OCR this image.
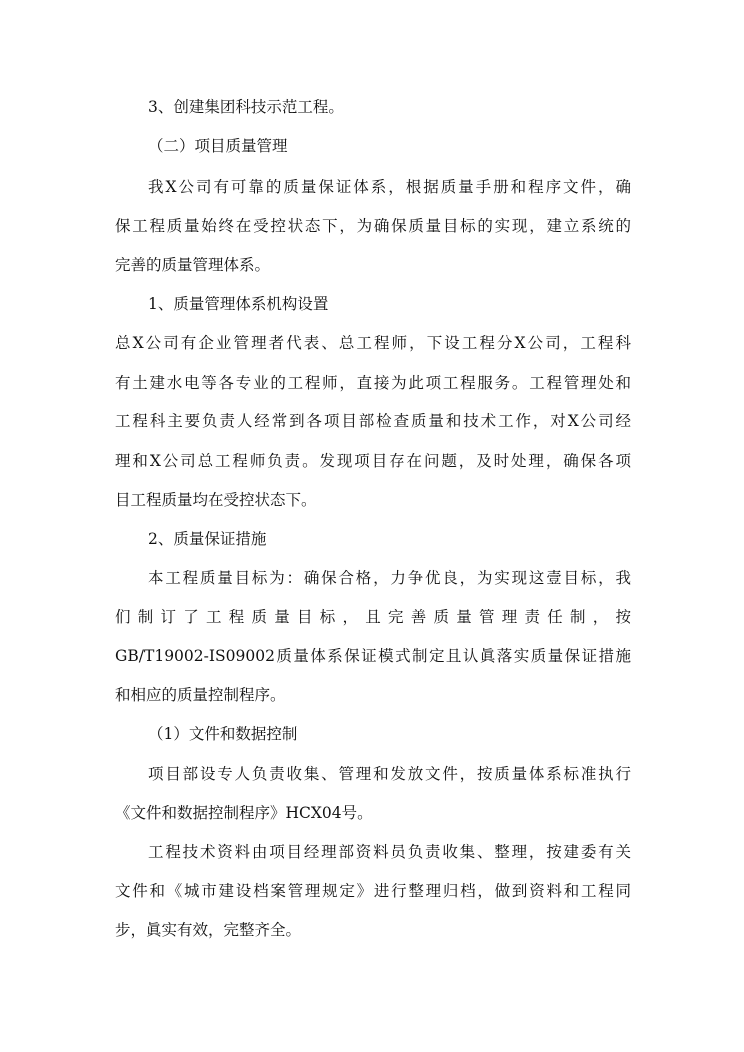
3、创建集团科技示范工程。
（二）项目质量管理
我X公司有可靠的质量保证体系，根据质量手册和程序文件，确
保工程质量始终在受控状态下，为确保质量目标的实现，建立系统的
完善的质量管理体系。
1、质量管理体系机构设置
总X公司有企业管理者代表、总工程师，下设工程分X公司，工程科
有土建水电等各专业的工程师，直接为此项工程服务。工程管理处和
工程科主要负责人经常到各项目部检查质量和技术工作，对X公司经
理和X公司总工程师负责。发现项目存在问题，及时处理，确保各项
目工程质量均在受控状态下。
2、质量保证措施
本工程质量目标为：确保合格，力争优良，为实现这壹目标，我
们 制 订 了 工 程 质 量 目 标 ， 且 完 善 质 量 管 理 责 任 制 ， 按
GB/T19002-IS09002质量体系保证模式制定且认眞落实质量保证措施
和相应的质量控制程序。
（1）文件和数据控制
项目部设专人负责收集、管理和发放文件，按质量体系标准执行
《文件和数据控制程序》HCX04号。
工程技术资料由项目经理部资料员负责收集、整理，按建委有关
文件和《城市建设档案管理规定》进行整理归档，做到资料和工程同
步，眞实有效，完整齐全。
